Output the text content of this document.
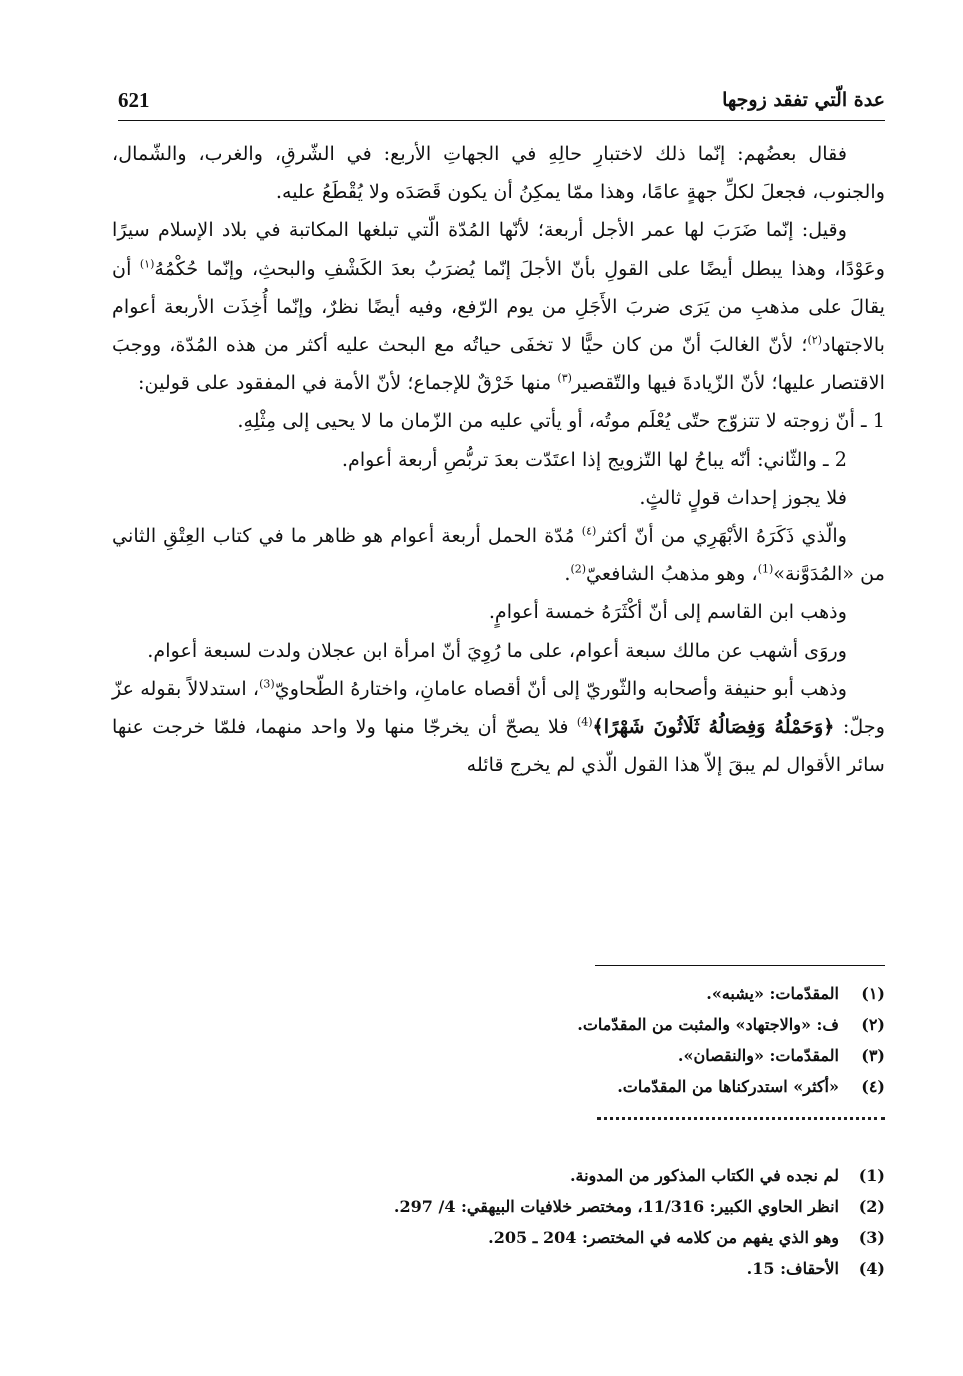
621	عدة الّتي تفقد زوجها

فقال بعضُهم: إنّما ذلك لاختبارِ حالِهِ في الجهاتِ الأربع: في الشّرقِ، والغرب، والشّمال، والجنوب، فجعلَ لكلِّ جهةٍ عامًا، وهذا ممّا يمكِنُ أن يكون قَصَدَه ولا يُقْطَعُ عليه.

وقيل: إنّما ضَرَبَ لها عمر الأجل أربعة؛ لأنّها المُدّة الّتي تبلغها المكاتبة في بلاد الإسلام سيرًا وعَوْدًا، وهذا يبطل أيضًا على القولِ بأنّ الأجلَ إنّما يُضرَبُ بعدَ الكَشْفِ والبحثِ، وإنّما حُكْمُهُ$^{(١)}$ أن يقالَ على مذهبِ من يَرَى ضربَ الأَجَلِ من يوم الرّفع، وفيه أيضًا نظرٌ، وإنّما أُخِذَت الأربعة أعوام بالاجتهاد$^{(٢)}$؛ لأنّ الغالبَ أنّ من كان حيًّا لا تخفَى حياتُه مع البحث عليه أكثر من هذه المُدّة، ووجبَ الاقتصار عليها؛ لأنّ الزّيادةَ فيها والتّقصير$^{(٣)}$ منها خَرْقٌ للإجماع؛ لأنّ الأمة في المفقود على قولين:

1 ـ أنّ زوجته لا تتزوّج حتّى يُعْلَم موتُه، أو يأتي عليه من الزّمان ما لا يحيى إلى مِثْلِهِ.

2 ـ والثّاني: أنّه يباحُ لها التّزويج إذا اعتَدّت بعدَ تربُّصِ أربعة أعوام.

فلا يجوز إحداث قولٍ ثالثٍ.

والّذي ذَكَرَهُ الأبْهَرِي من أنّ أكثر$^{(٤)}$ مُدّة الحمل أربعة أعوام هو ظاهر ما في كتاب العِتْقِ الثاني من «المُدَوَّنة»$^{(1)}$، وهو مذهبُ الشافعيّ$^{(2)}$.

وذهب ابن القاسم إلى أنّ أكْثَرَهُ خمسة أعوامٍ.

وروَى أشهب عن مالك سبعة أعوام، على ما رُوِيَ أنّ امرأة ابن عجلان ولدت لسبعة أعوام.

وذهب أبو حنيفة وأصحابه والثّوريّ إلى أنّ أقصاه عامانِ، واختارهُ الطّحاويّ$^{(3)}$، استدلالاً بقوله عزّ وجلّ: ﴿وَحَمْلُهُ وَفِصَالُهُ ثَلَاثُونَ شَهْرًا﴾$^{(4)}$ فلا يصحّ أن يخرجّا منها ولا واحد منهما، فلمّا خرجت عنها سائر الأقوال لم يبقَ إلاّ هذا القول الّذي لم يخرج قائله

(١)
المقدّمات: «يشبه».
(٢)
ف: «والاجتهاد» والمثبت من المقدّمات.
(٣)
المقدّمات: «والنقصان».
(٤)
«أكثر» استدركناها من المقدّمات.
(1)
لم نجده في الكتاب المذكور من المدونة.
(2)
انظر الحاوي الكبير: 11/316، ومختصر خلافيات البيهقي: 4/ 297.
(3)
وهو الذي يفهم من كلامه في المختصر: 204 ـ 205.
(4)
الأحقاف: 15.
